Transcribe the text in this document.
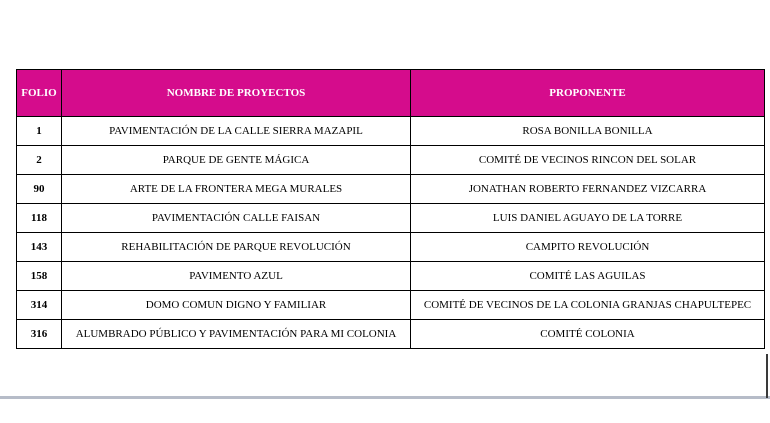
FOLIO	NOMBRE DE PROYECTOS	PROPONENTE
1	PAVIMENTACIÓN DE LA CALLE SIERRA MAZAPIL	ROSA BONILLA BONILLA
2	PARQUE DE GENTE MÁGICA	COMITÉ DE VECINOS RINCON DEL SOLAR
90	ARTE DE LA FRONTERA MEGA MURALES	JONATHAN ROBERTO FERNANDEZ VIZCARRA
118	PAVIMENTACIÓN CALLE FAISAN	LUIS DANIEL AGUAYO DE LA TORRE
143	REHABILITACIÓN DE PARQUE REVOLUCIÓN	CAMPITO REVOLUCIÓN
158	PAVIMENTO AZUL	COMITÉ LAS AGUILAS
314	DOMO COMUN DIGNO Y FAMILIAR	COMITÉ DE VECINOS DE LA COLONIA GRANJAS CHAPULTEPEC
316	ALUMBRADO PÚBLICO Y PAVIMENTACIÓN PARA MI COLONIA	COMITÉ COLONIA
